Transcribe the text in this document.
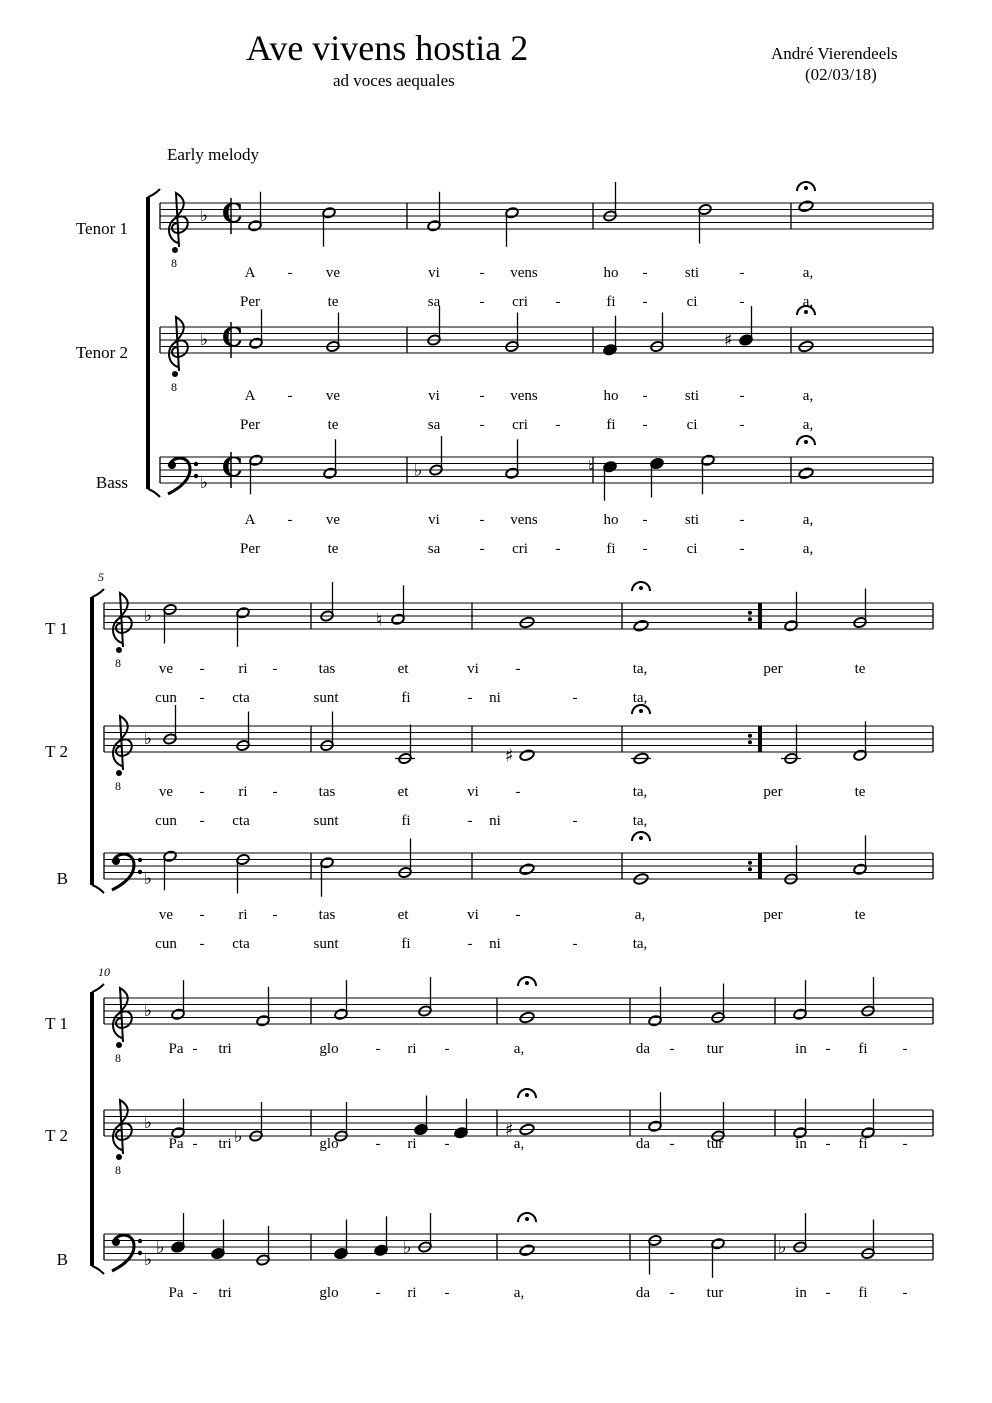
Ave vivens hostia 2
ad voces aequales
André Vierendeels
(02/03/18)
Early melody
Tenor 1
8
♭ C
A - ve	vi	- vens	ho - sti	-	a,
Per	te	sa	- cri -	fi -	ci	-	a,
Tenor 2
8
♭ C	♯
A - ve	vi	- vens	ho - sti	-	a,
Per	te	sa	- cri -	fi -	ci	-	a,
Bass	♭ C	♭	♮
A - ve	vi	- vens	ho - sti	-	a,
Per	te	sa	- cri -	fi -	ci	-	a,
5
T 1
8
♭	♮
ve - ri -	tas	et	vi -	ta,	per	te
cun - cta	sunt	fi	- ni	-	ta,
T 2
8
♭
♯
ve - ri -	tas	et	vi -	ta,	per	te
cun - cta	sunt	fi	- ni	-	ta,
B	♭
ve - ri -	tas	et	vi -	a,	per	te
cun - cta	sunt	fi	- ni	-	ta,
10
T 1
8
♭
Pa - tri	glo - ri -	a,	da - tur	in - fi -
T 2
8
♭
♭	♯
Pa - tri	glo - ri -	a,	da - tur	in - fi -
B	♭
♭	♭	♭
Pa - tri	glo - ri -	a,	da - tur	in - fi -
